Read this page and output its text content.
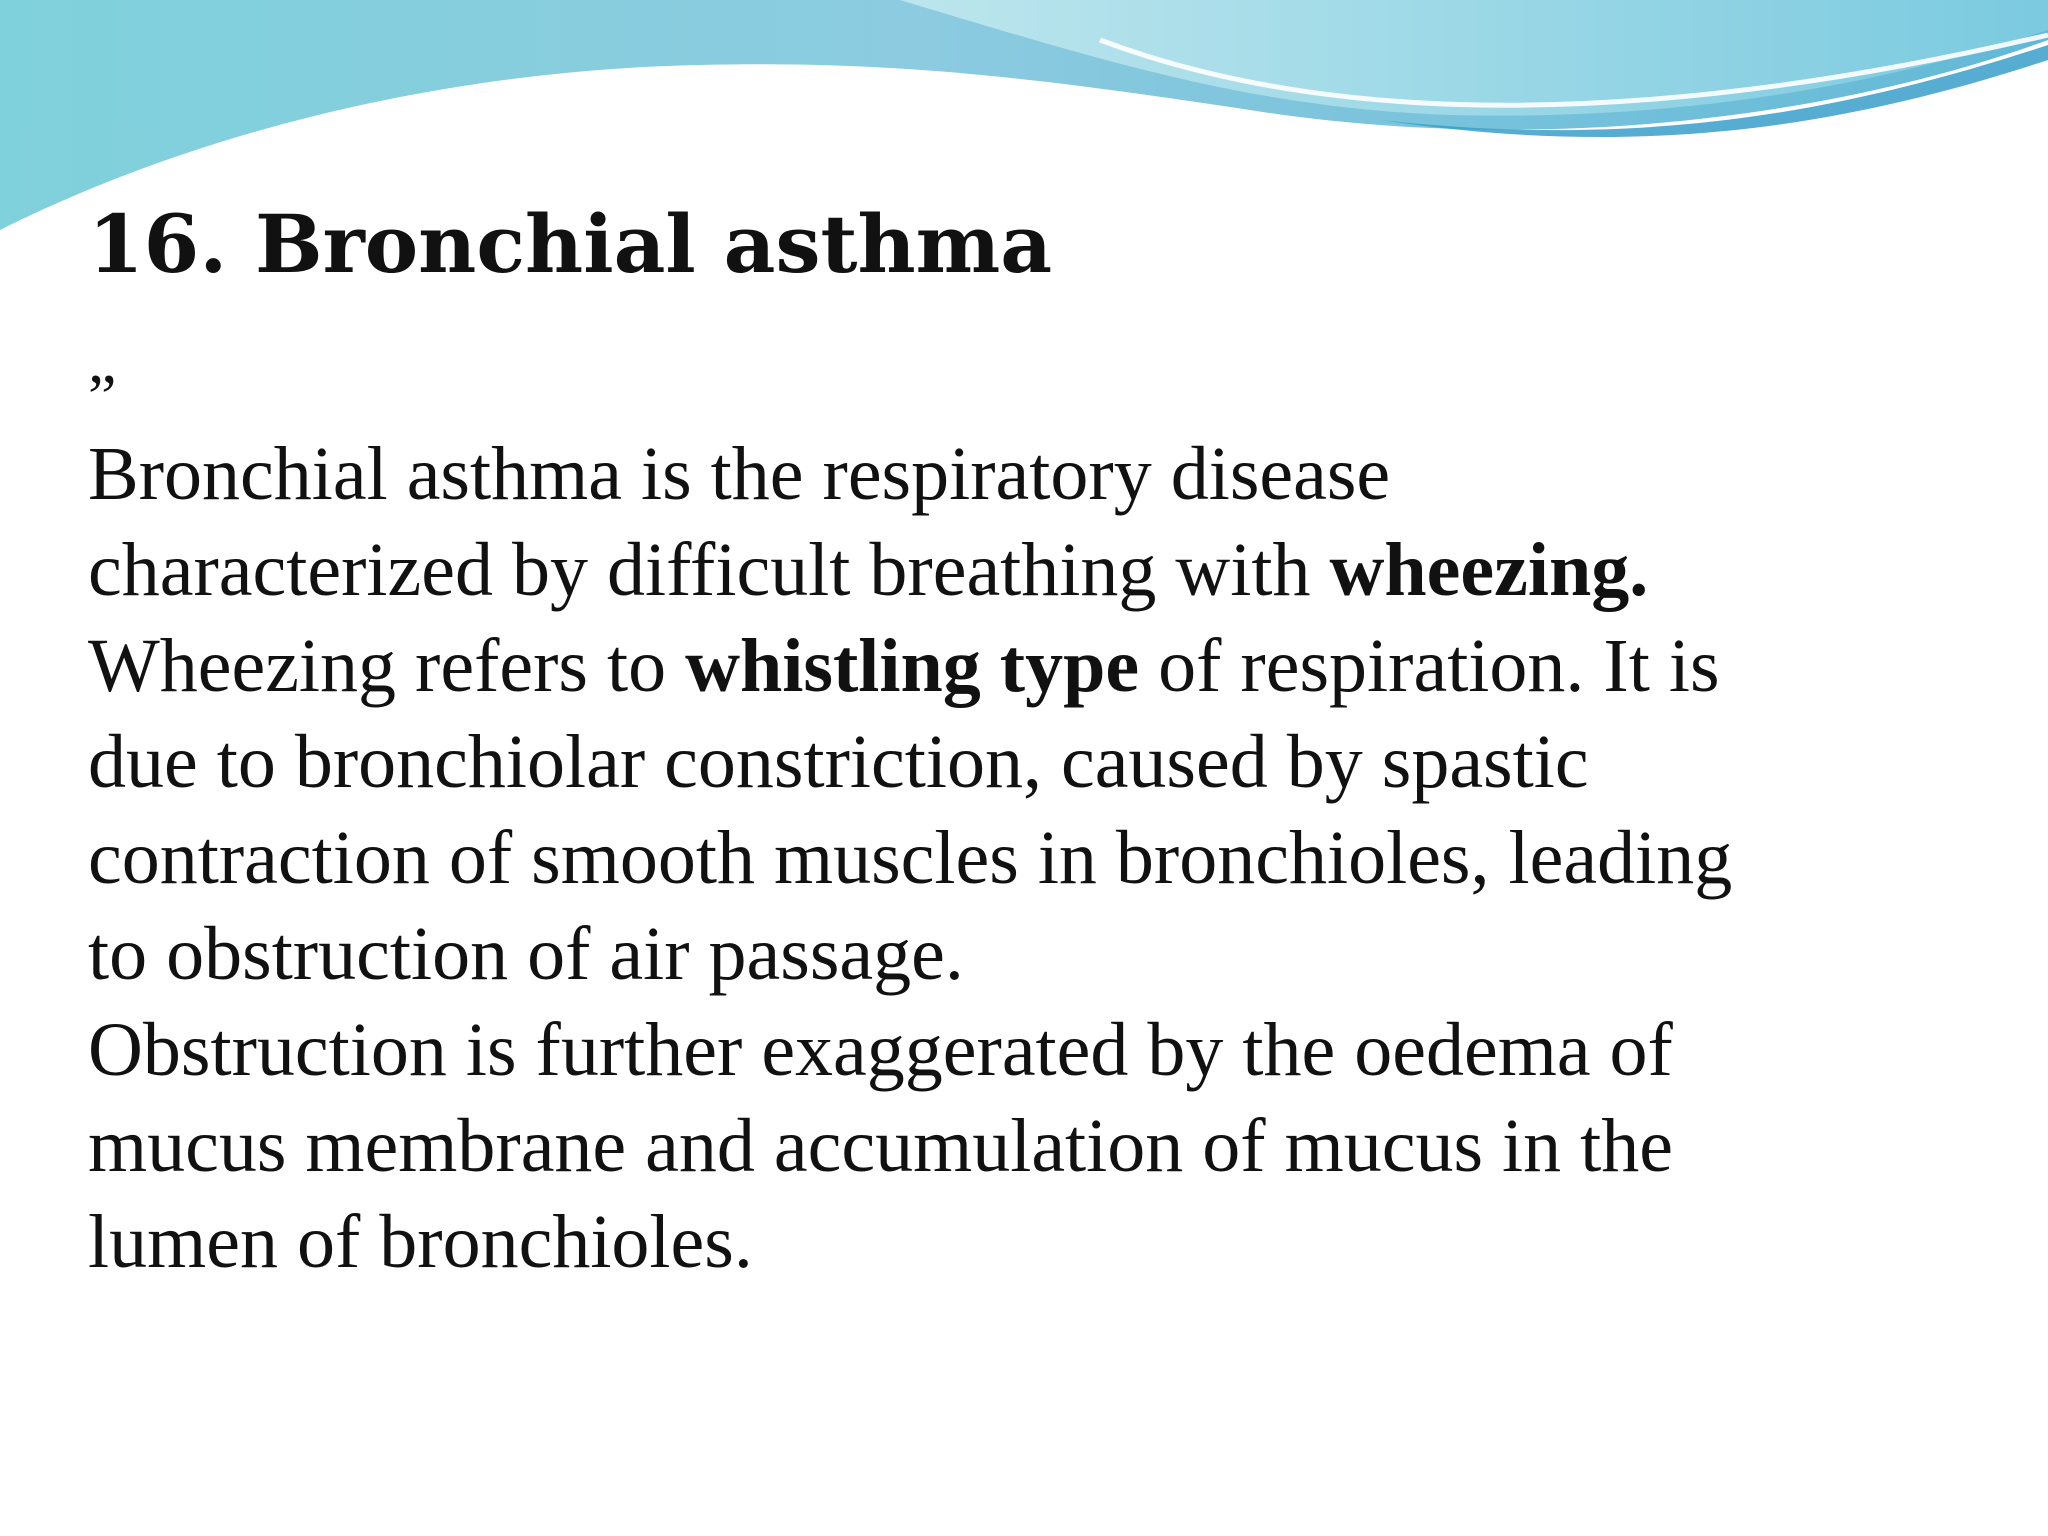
16. Bronchial asthma
”
Bronchial asthma is the respiratory disease
characterized by difficult breathing with wheezing.
Wheezing refers to whistling type of respiration. It is
due to bronchiolar constriction, caused by spastic
contraction of smooth muscles in bronchioles, leading
to obstruction of air passage.
Obstruction is further exaggerated by the oedema of
mucus membrane and accumulation of mucus in the
lumen of bronchioles.
